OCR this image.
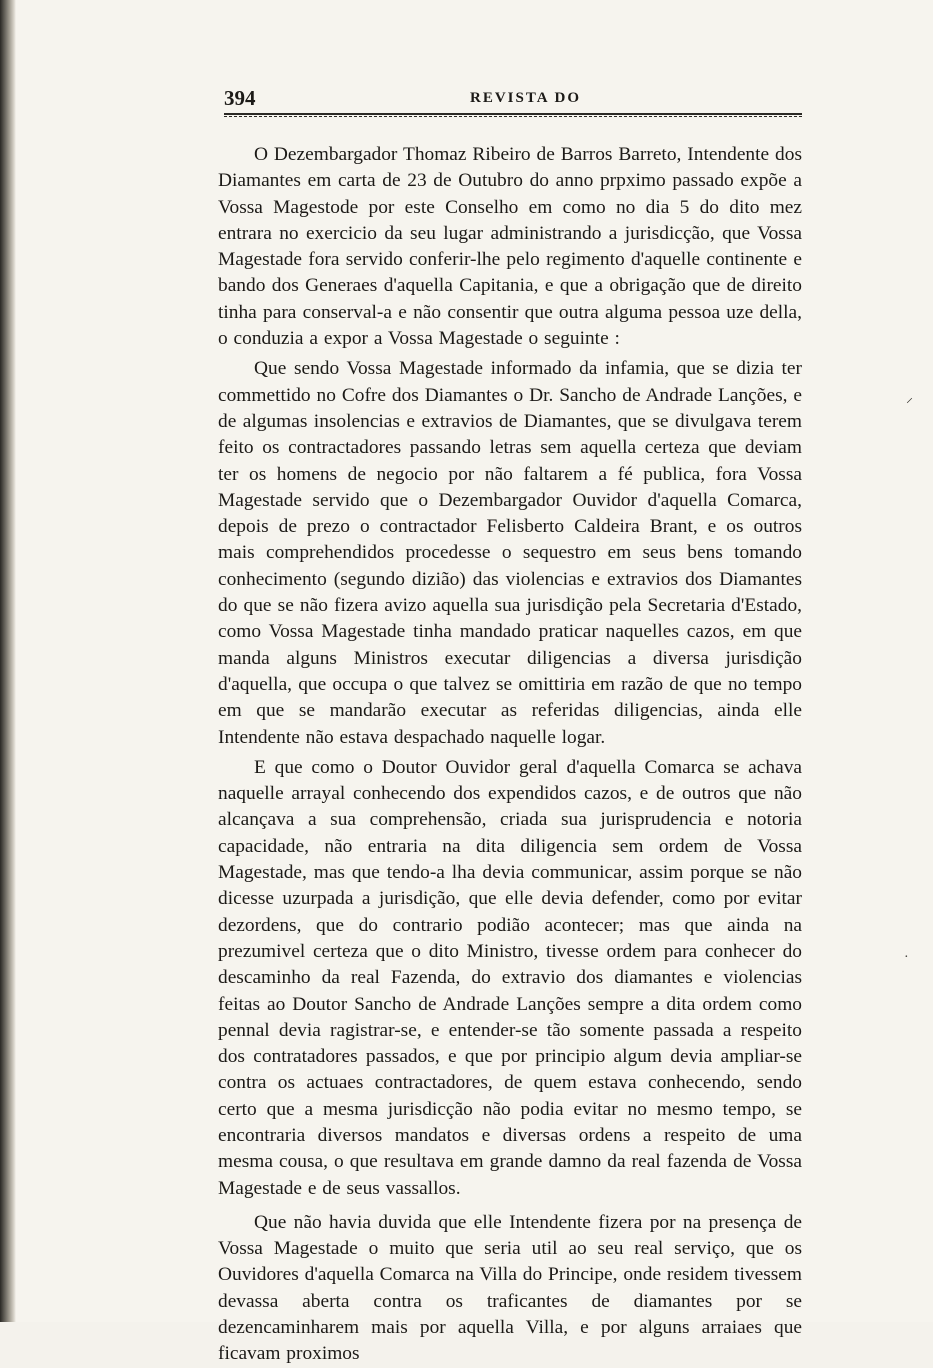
394	REVISTA DO

O Dezembargador Thomaz Ribeiro de Barros Barreto, Intendente dos Diamantes em carta de 23 de Outubro do anno prpximo passado expõe a Vossa Magestode por este Conselho em como no dia 5 do dito mez entrara no exercicio da seu lugar administrando a jurisdicção, que Vossa Magestade fora servido conferir-lhe pelo regimento d'aquelle continente e bando dos Generaes d'aquella Capitania, e que a obrigação que de direito tinha para conserval-a e não consentir que outra alguma pessoa uze della, o conduzia a expor a Vossa Magestade o seguinte :

Que sendo Vossa Magestade informado da infamia, que se dizia ter commettido no Cofre dos Diamantes o Dr. Sancho de Andrade Lanções, e de algumas insolencias e extravios de Diamantes, que se divulgava terem feito os contractadores passando letras sem aquella certeza que deviam ter os homens de negocio por não faltarem a fé publica, fora Vossa Magestade servido que o Dezembargador Ouvidor d'aquella Comarca, depois de prezo o contractador Felisberto Caldeira Brant, e os outros mais comprehendidos procedesse o sequestro em seus bens tomando conhecimento (segundo dizião) das violencias e extravios dos Diamantes do que se não fizera avizo aquella sua jurisdição pela Secretaria d'Estado, como Vossa Magestade tinha mandado praticar naquelles cazos, em que manda alguns Ministros executar diligencias a diversa jurisdição d'aquella, que occupa o que talvez se omittiria em razão de que no tempo em que se mandarão executar as referidas diligencias, ainda elle Intendente não estava despachado naquelle logar.

E que como o Doutor Ouvidor geral d'aquella Comarca se achava naquelle arrayal conhecendo dos expendidos cazos, e de outros que não alcançava a sua comprehensão, criada sua jurisprudencia e notoria capacidade, não entraria na dita diligencia sem ordem de Vossa Magestade, mas que tendo-a lha devia communicar, assim porque se não dicesse uzurpada a jurisdição, que elle devia defender, como por evitar dezordens, que do contrario podião acontecer; mas que ainda na prezumivel certeza que o dito Ministro, tivesse ordem para conhecer do descaminho da real Fazenda, do extravio dos diamantes e violencias feitas ao Doutor Sancho de Andrade Lanções sempre a dita ordem como pennal devia ragistrar-se, e entender-se tão somente passada a respeito dos contratadores passados, e que por principio algum devia ampliar-se contra os actuaes contractadores, de quem estava conhecendo, sendo certo que a mesma jurisdicção não podia evitar no mesmo tempo, se encontraria diversos mandatos e diversas ordens a respeito de uma mesma cousa, o que resultava em grande damno da real fazenda de Vossa Magestade e de seus vassallos.

Que não havia duvida que elle Intendente fizera por na presença de Vossa Magestade o muito que seria util ao seu real serviço, que os Ouvidores d'aquella Comarca na Villa do Principe, onde residem tivessem devassa aberta contra os traficantes de diamantes por se dezencaminharem mais por aquella Villa, e por alguns arraiaes que ficavam proximos

⸝
·
